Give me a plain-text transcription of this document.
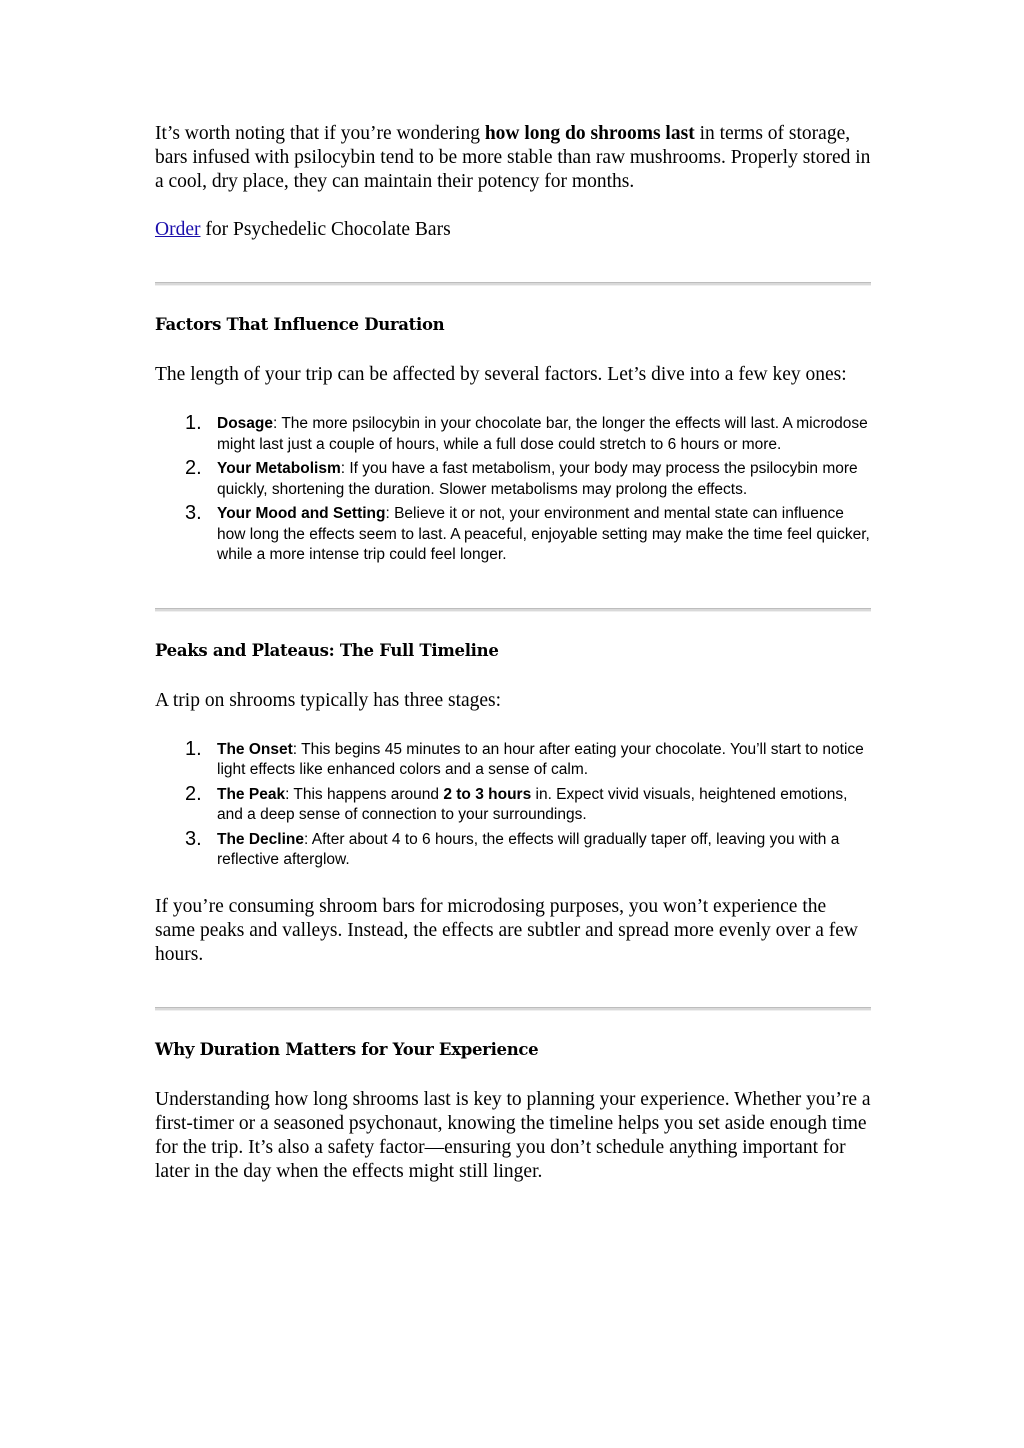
It’s worth noting that if you’re wondering how long do shrooms last in terms of storage, bars infused with psilocybin tend to be more stable than raw mushrooms. Properly stored in a cool, dry place, they can maintain their potency for months.

Order for Psychedelic Chocolate Bars

Factors That Influence Duration

The length of your trip can be affected by several factors. Let’s dive into a few key ones:

1. Dosage: The more psilocybin in your chocolate bar, the longer the effects will last. A microdose might last just a couple of hours, while a full dose could stretch to 6 hours or more.
2. Your Metabolism: If you have a fast metabolism, your body may process the psilocybin more quickly, shortening the duration. Slower metabolisms may prolong the effects.
3. Your Mood and Setting: Believe it or not, your environment and mental state can influence how long the effects seem to last. A peaceful, enjoyable setting may make the time feel quicker, while a more intense trip could feel longer.
Peaks and Plateaus: The Full Timeline

A trip on shrooms typically has three stages:

1. The Onset: This begins 45 minutes to an hour after eating your chocolate. You’ll start to notice light effects like enhanced colors and a sense of calm.
2. The Peak: This happens around 2 to 3 hours in. Expect vivid visuals, heightened emotions, and a deep sense of connection to your surroundings.
3. The Decline: After about 4 to 6 hours, the effects will gradually taper off, leaving you with a reflective afterglow.

If you’re consuming shroom bars for microdosing purposes, you won’t experience the same peaks and valleys. Instead, the effects are subtler and spread more evenly over a few hours.

Why Duration Matters for Your Experience

Understanding how long shrooms last is key to planning your experience. Whether you’re a first-timer or a seasoned psychonaut, knowing the timeline helps you set aside enough time for the trip. It’s also a safety factor—ensuring you don’t schedule anything important for later in the day when the effects might still linger.
